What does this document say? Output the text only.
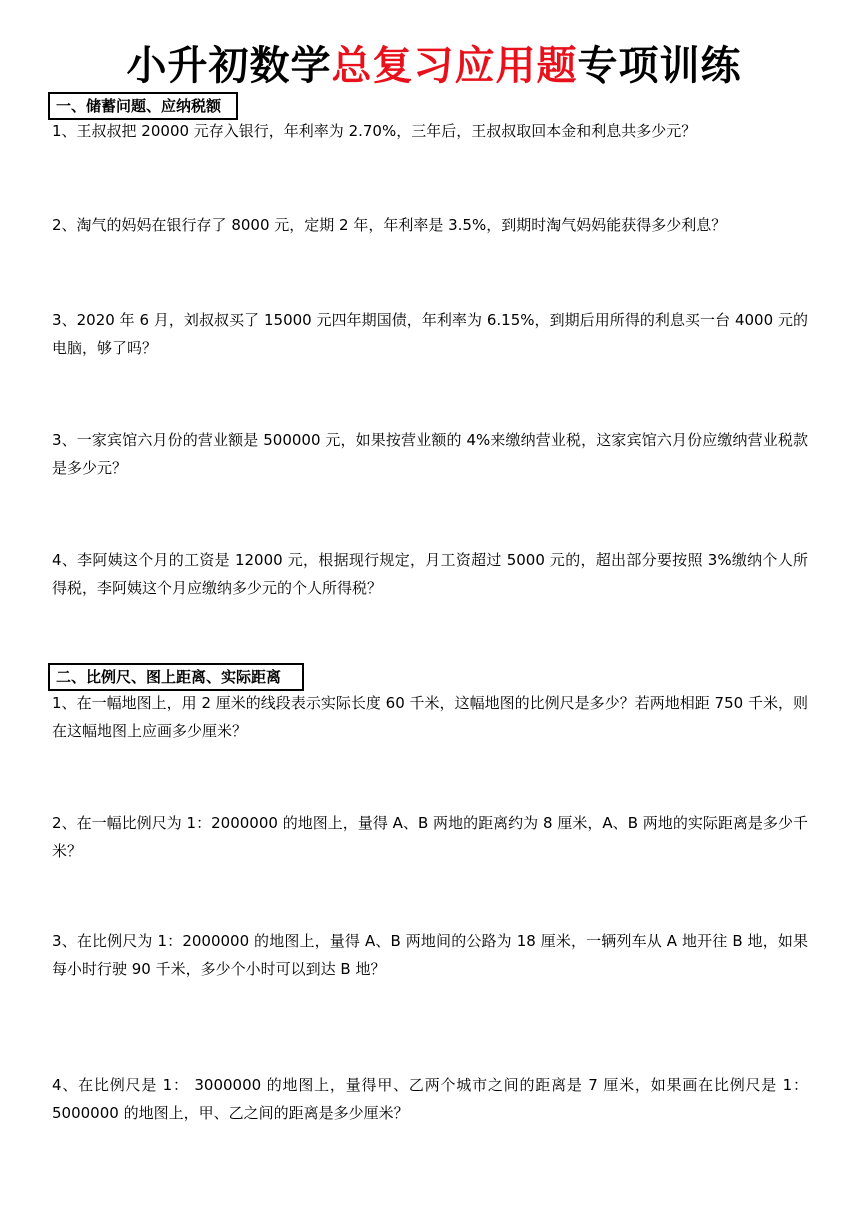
小升初数学总复习应用题专项训练
一、储蓄问题、应纳税额
1、王叔叔把 20000 元存入银行，年利率为 2.70%，三年后，王叔叔取回本金和利息共多少元？
2、淘气的妈妈在银行存了 8000 元，定期 2 年，年利率是 3.5%，到期时淘气妈妈能获得多少利息？
3、2020 年 6 月，刘叔叔买了 15000 元四年期国债，年利率为 6.15%，到期后用所得的利息买一台 4000 元的电脑，够了吗？
3、一家宾馆六月份的营业额是 500000 元，如果按营业额的 4%来缴纳营业税，这家宾馆六月份应缴纳营业税款是多少元？
4、李阿姨这个月的工资是 12000 元，根据现行规定，月工资超过 5000 元的，超出部分要按照 3%缴纳个人所得税，李阿姨这个月应缴纳多少元的个人所得税？
二、比例尺、图上距离、实际距离
1、在一幅地图上，用 2 厘米的线段表示实际长度 60 千米，这幅地图的比例尺是多少？若两地相距 750 千米，则在这幅地图上应画多少厘米？
2、在一幅比例尺为 1：2000000 的地图上，量得 A、B 两地的距离约为 8 厘米，A、B 两地的实际距离是多少千米？
3、在比例尺为 1：2000000 的地图上，量得 A、B 两地间的公路为 18 厘米，一辆列车从 A 地开往 B 地，如果每小时行驶 90 千米，多少个小时可以到达 B 地？
4、在比例尺是 1： 3000000 的地图上，量得甲、乙两个城市之间的距离是 7 厘米，如果画在比例尺是 1：5000000 的地图上，甲、乙之间的距离是多少厘米？
